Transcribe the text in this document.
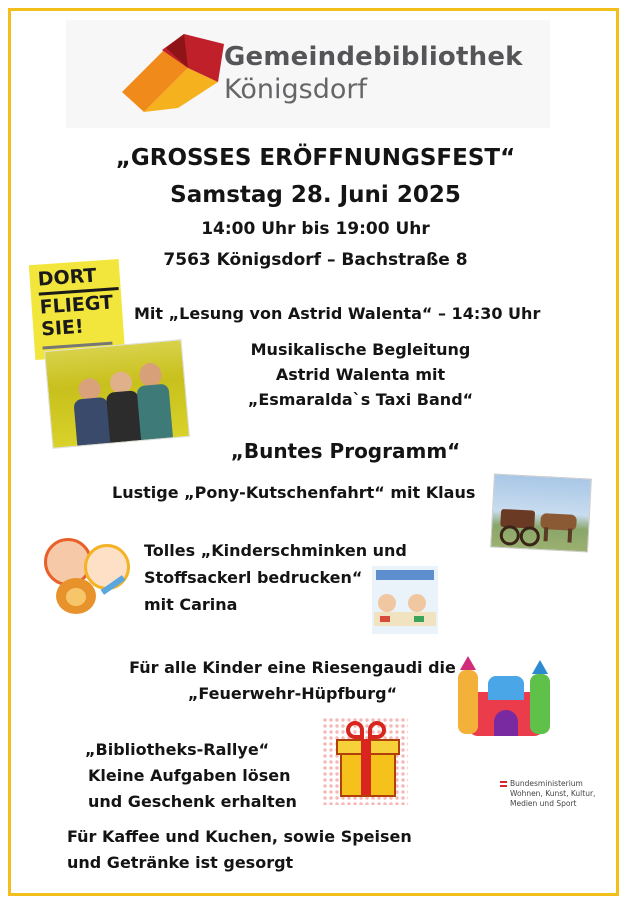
Gemeindebibliothek
Königsdorf
„GROSSES ERÖFFNUNGSFEST“
Samstag 28. Juni 2025
14:00 Uhr bis 19:00 Uhr
7563 Königsdorf – Bachstraße 8
DORT
FLIEGT
SIE!
Mit „Lesung von Astrid Walenta“ – 14:30 Uhr
Musikalische Begleitung
Astrid Walenta mit
„Esmaralda`s Taxi Band“
„Buntes Programm“
Lustige „Pony-Kutschenfahrt“ mit Klaus
Tolles „Kinderschminken und
Stoffsackerl bedrucken“
mit Carina
Für alle Kinder eine Riesengaudi die
„Feuerwehr-Hüpfburg“
„Bibliotheks-Rallye“
Kleine Aufgaben lösen
und Geschenk erhalten
Bundesministerium
Wohnen, Kunst, Kultur,
Medien und Sport
Für Kaffee und Kuchen, sowie Speisen
und Getränke ist gesorgt
